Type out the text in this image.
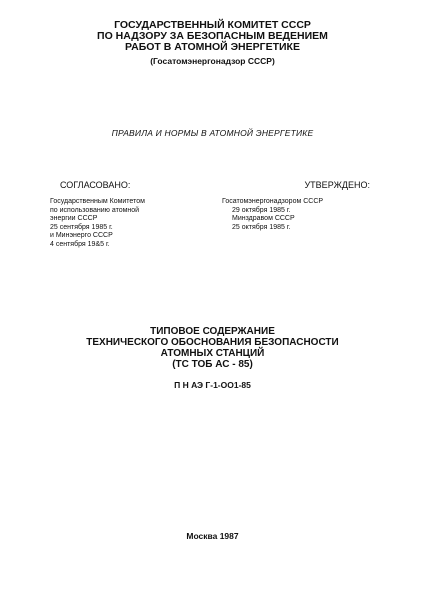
ГОСУДАРСТВЕННЫЙ КОМИТЕТ СССР
ПО НАДЗОРУ ЗА БЕЗОПАСНЫМ ВЕДЕНИЕМ
РАБОТ В АТОМНОЙ ЭНЕРГЕТИКЕ
(Госатомэнергонадзор СССР)
ПРАВИЛА И НОРМЫ В АТОМНОЙ ЭНЕРГЕТИКЕ
СОГЛАСОВАНО:
Государственным Комитетом
по использованию атомной
энергии СССР
25 сентября 1985 г.
и Минэнерго СССР
4 сентября 19&5 г.
УТВЕРЖДЕНО:
Госатомэнергонадзором СССР
29 октября 1985 г.
Минздравом СССР
25 октября 1985 г.
ТИПОВОЕ СОДЕРЖАНИЕ
ТЕХНИЧЕСКОГО ОБОСНОВАНИЯ БЕЗОПАСНОСТИ
АТОМНЫХ СТАНЦИЙ
(ТС ТОБ АС - 85)
П Н АЭ Г-1-ОО1-85
Москва 1987
